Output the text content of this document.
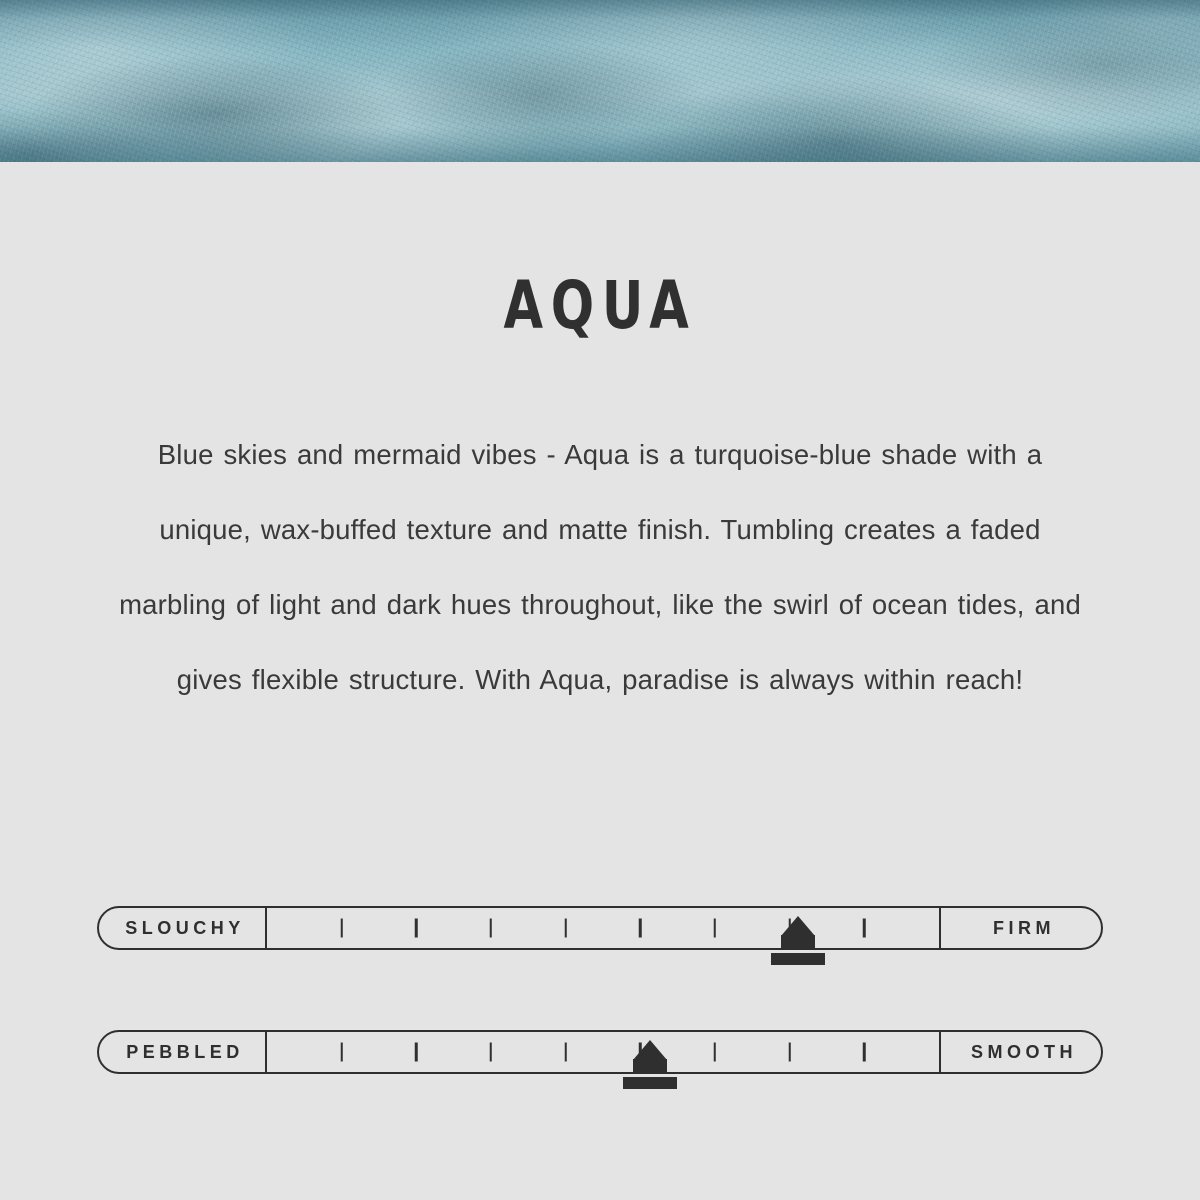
AQUA
Blue skies and mermaid vibes - Aqua is a turquoise-blue shade with a unique, wax-buffed texture and matte finish. Tumbling creates a faded marbling of light and dark hues throughout, like the swirl of ocean tides, and gives flexible structure. With Aqua, paradise is always within reach!
SLOUCHY	FIRM
PEBBLED	SMOOTH
